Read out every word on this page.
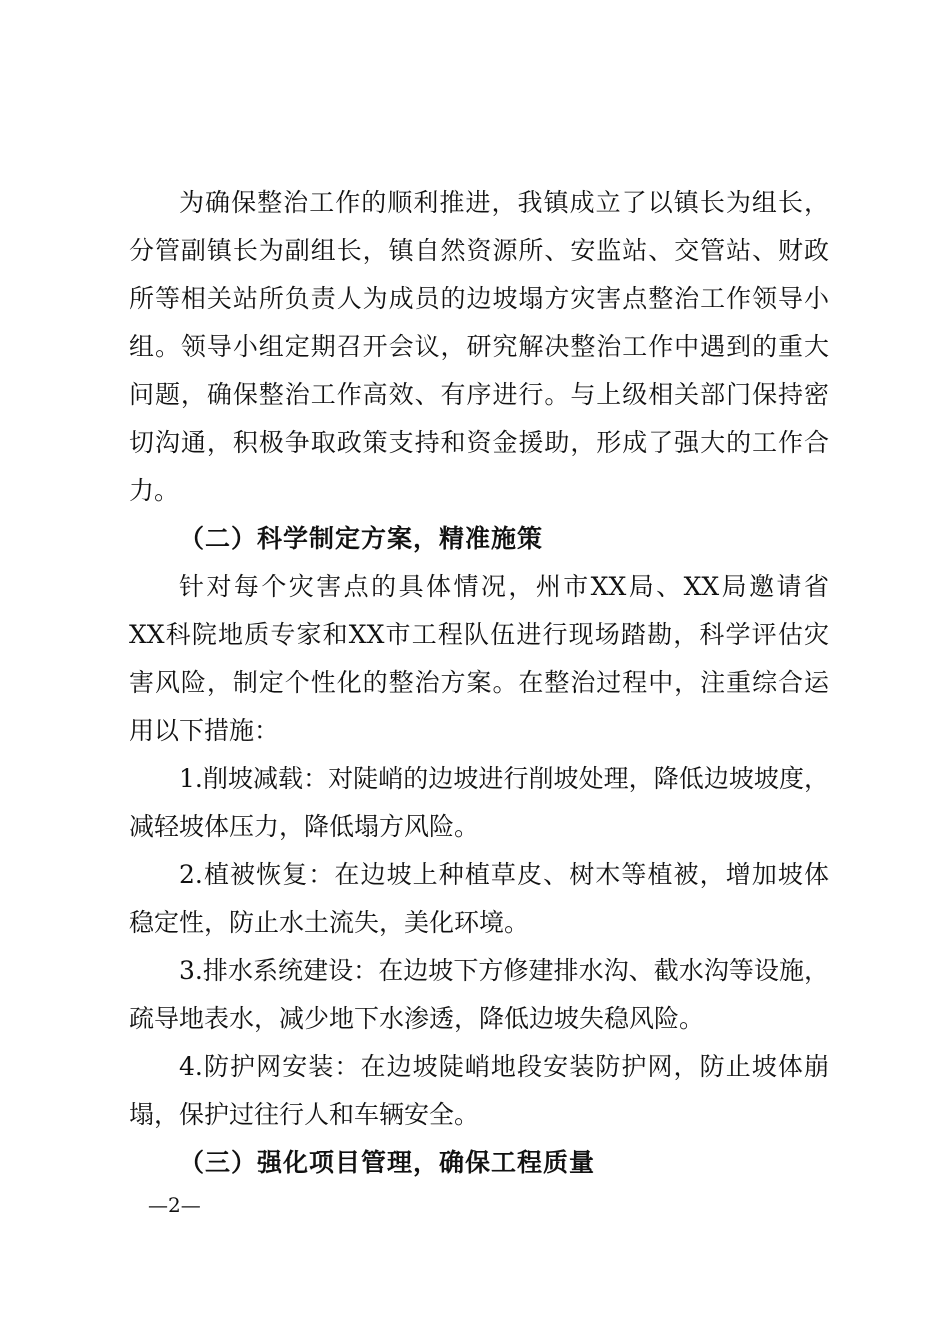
为确保整治工作的顺利推进，我镇成立了以镇长为组长，
分管副镇长为副组长，镇自然资源所、安监站、交管站、财政
所等相关站所负责人为成员的边坡塌方灾害点整治工作领导小
组。领导小组定期召开会议，研究解决整治工作中遇到的重大
问题，确保整治工作高效、有序进行。与上级相关部门保持密
切沟通，积极争取政策支持和资金援助，形成了强大的工作合
力。
（二）科学制定方案，精准施策
针对每个灾害点的具体情况，州市XX局、XX局邀请省
XX科院地质专家和XX市工程队伍进行现场踏勘，科学评估灾
害风险，制定个性化的整治方案。在整治过程中，注重综合运
用以下措施：
1.削坡减载：对陡峭的边坡进行削坡处理，降低边坡坡度，
减轻坡体压力，降低塌方风险。
2.植被恢复：在边坡上种植草皮、树木等植被，增加坡体
稳定性，防止水土流失，美化环境。
3.排水系统建设：在边坡下方修建排水沟、截水沟等设施，
疏导地表水，减少地下水渗透，降低边坡失稳风险。
4.防护网安装：在边坡陡峭地段安装防护网，防止坡体崩
塌，保护过往行人和车辆安全。
（三）强化项目管理，确保工程质量
—2—
